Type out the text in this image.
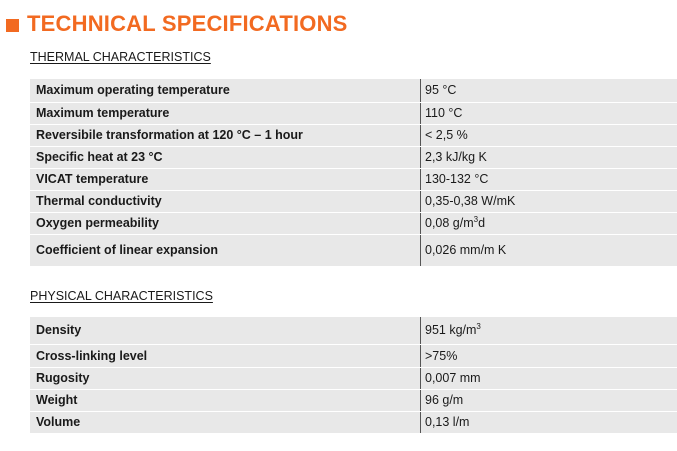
TECHNICAL SPECIFICATIONS
THERMAL CHARACTERISTICS
Maximum operating temperature	95 °C
Maximum temperature	110 °C
Reversibile transformation at 120 °C – 1 hour	< 2,5 %
Specific heat at 23 °C	2,3 kJ/kg K
VICAT temperature	130-132 °C
Thermal conductivity	0,35-0,38 W/mK
Oxygen permeability	0,08 $g/m^3d$
Coefficient of linear expansion	0,026 mm/m K
PHYSICAL CHARACTERISTICS
Density	951 $kg/m^3$
Cross-linking level	>75%
Rugosity	0,007 mm
Weight	96 g/m
Volume	0,13 l/m
